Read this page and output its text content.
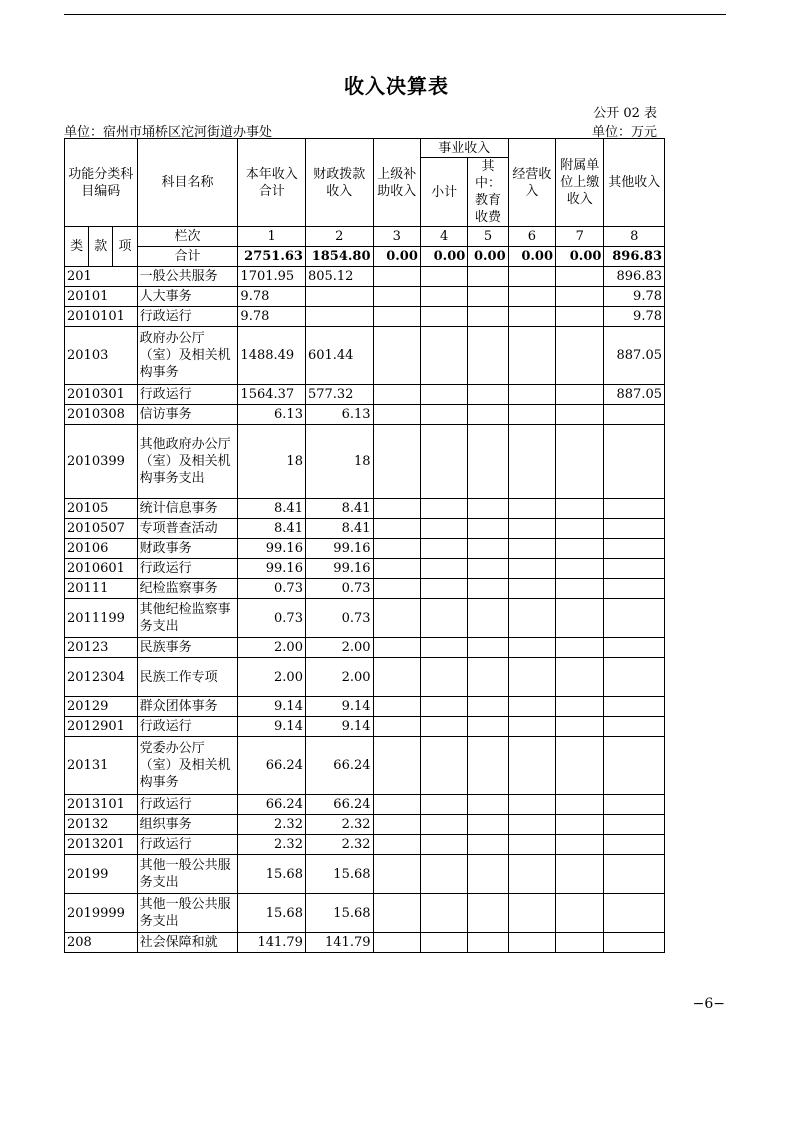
收入决算表
公开 02 表
单位：宿州市埇桥区沱河街道办事处	单位：万元
功能分类科目编码			科目名称	本年收入合计	财政拨款收入	上级补助收入	事业收入		经营收入	附属单位上缴收入	其他收入
							小计	其中：教育收费			

类	款	项	栏次	1	2	3	4	5	6	7	8
			合计	2751.63	1854.80	0.00	0.00	0.00	0.00	0.00	896.83
201			一般公共服务	1701.95	805.12						896.83
20101			人大事务	9.78							9.78
2010101			行政运行	9.78							9.78
20103			政府办公厅（室）及相关机构事务	1488.49	601.44						887.05
2010301			行政运行	1564.37	577.32						887.05
2010308			信访事务	6.13	6.13						
2010399			其他政府办公厅（室）及相关机构事务支出	18	18						
20105			统计信息事务	8.41	8.41						
2010507			专项普查活动	8.41	8.41						
20106			财政事务	99.16	99.16						
2010601			行政运行	99.16	99.16						
20111			纪检监察事务	0.73	0.73						
2011199			其他纪检监察事务支出	0.73	0.73						
20123			民族事务	2.00	2.00						
2012304			民族工作专项	2.00	2.00						
20129			群众团体事务	9.14	9.14						
2012901			行政运行	9.14	9.14						
20131			党委办公厅（室）及相关机构事务	66.24	66.24						
2013101			行政运行	66.24	66.24						
20132			组织事务	2.32	2.32						
2013201			行政运行	2.32	2.32						
20199			其他一般公共服务支出	15.68	15.68						
2019999			其他一般公共服务支出	15.68	15.68						
208			社会保障和就	141.79	141.79						
−6−
